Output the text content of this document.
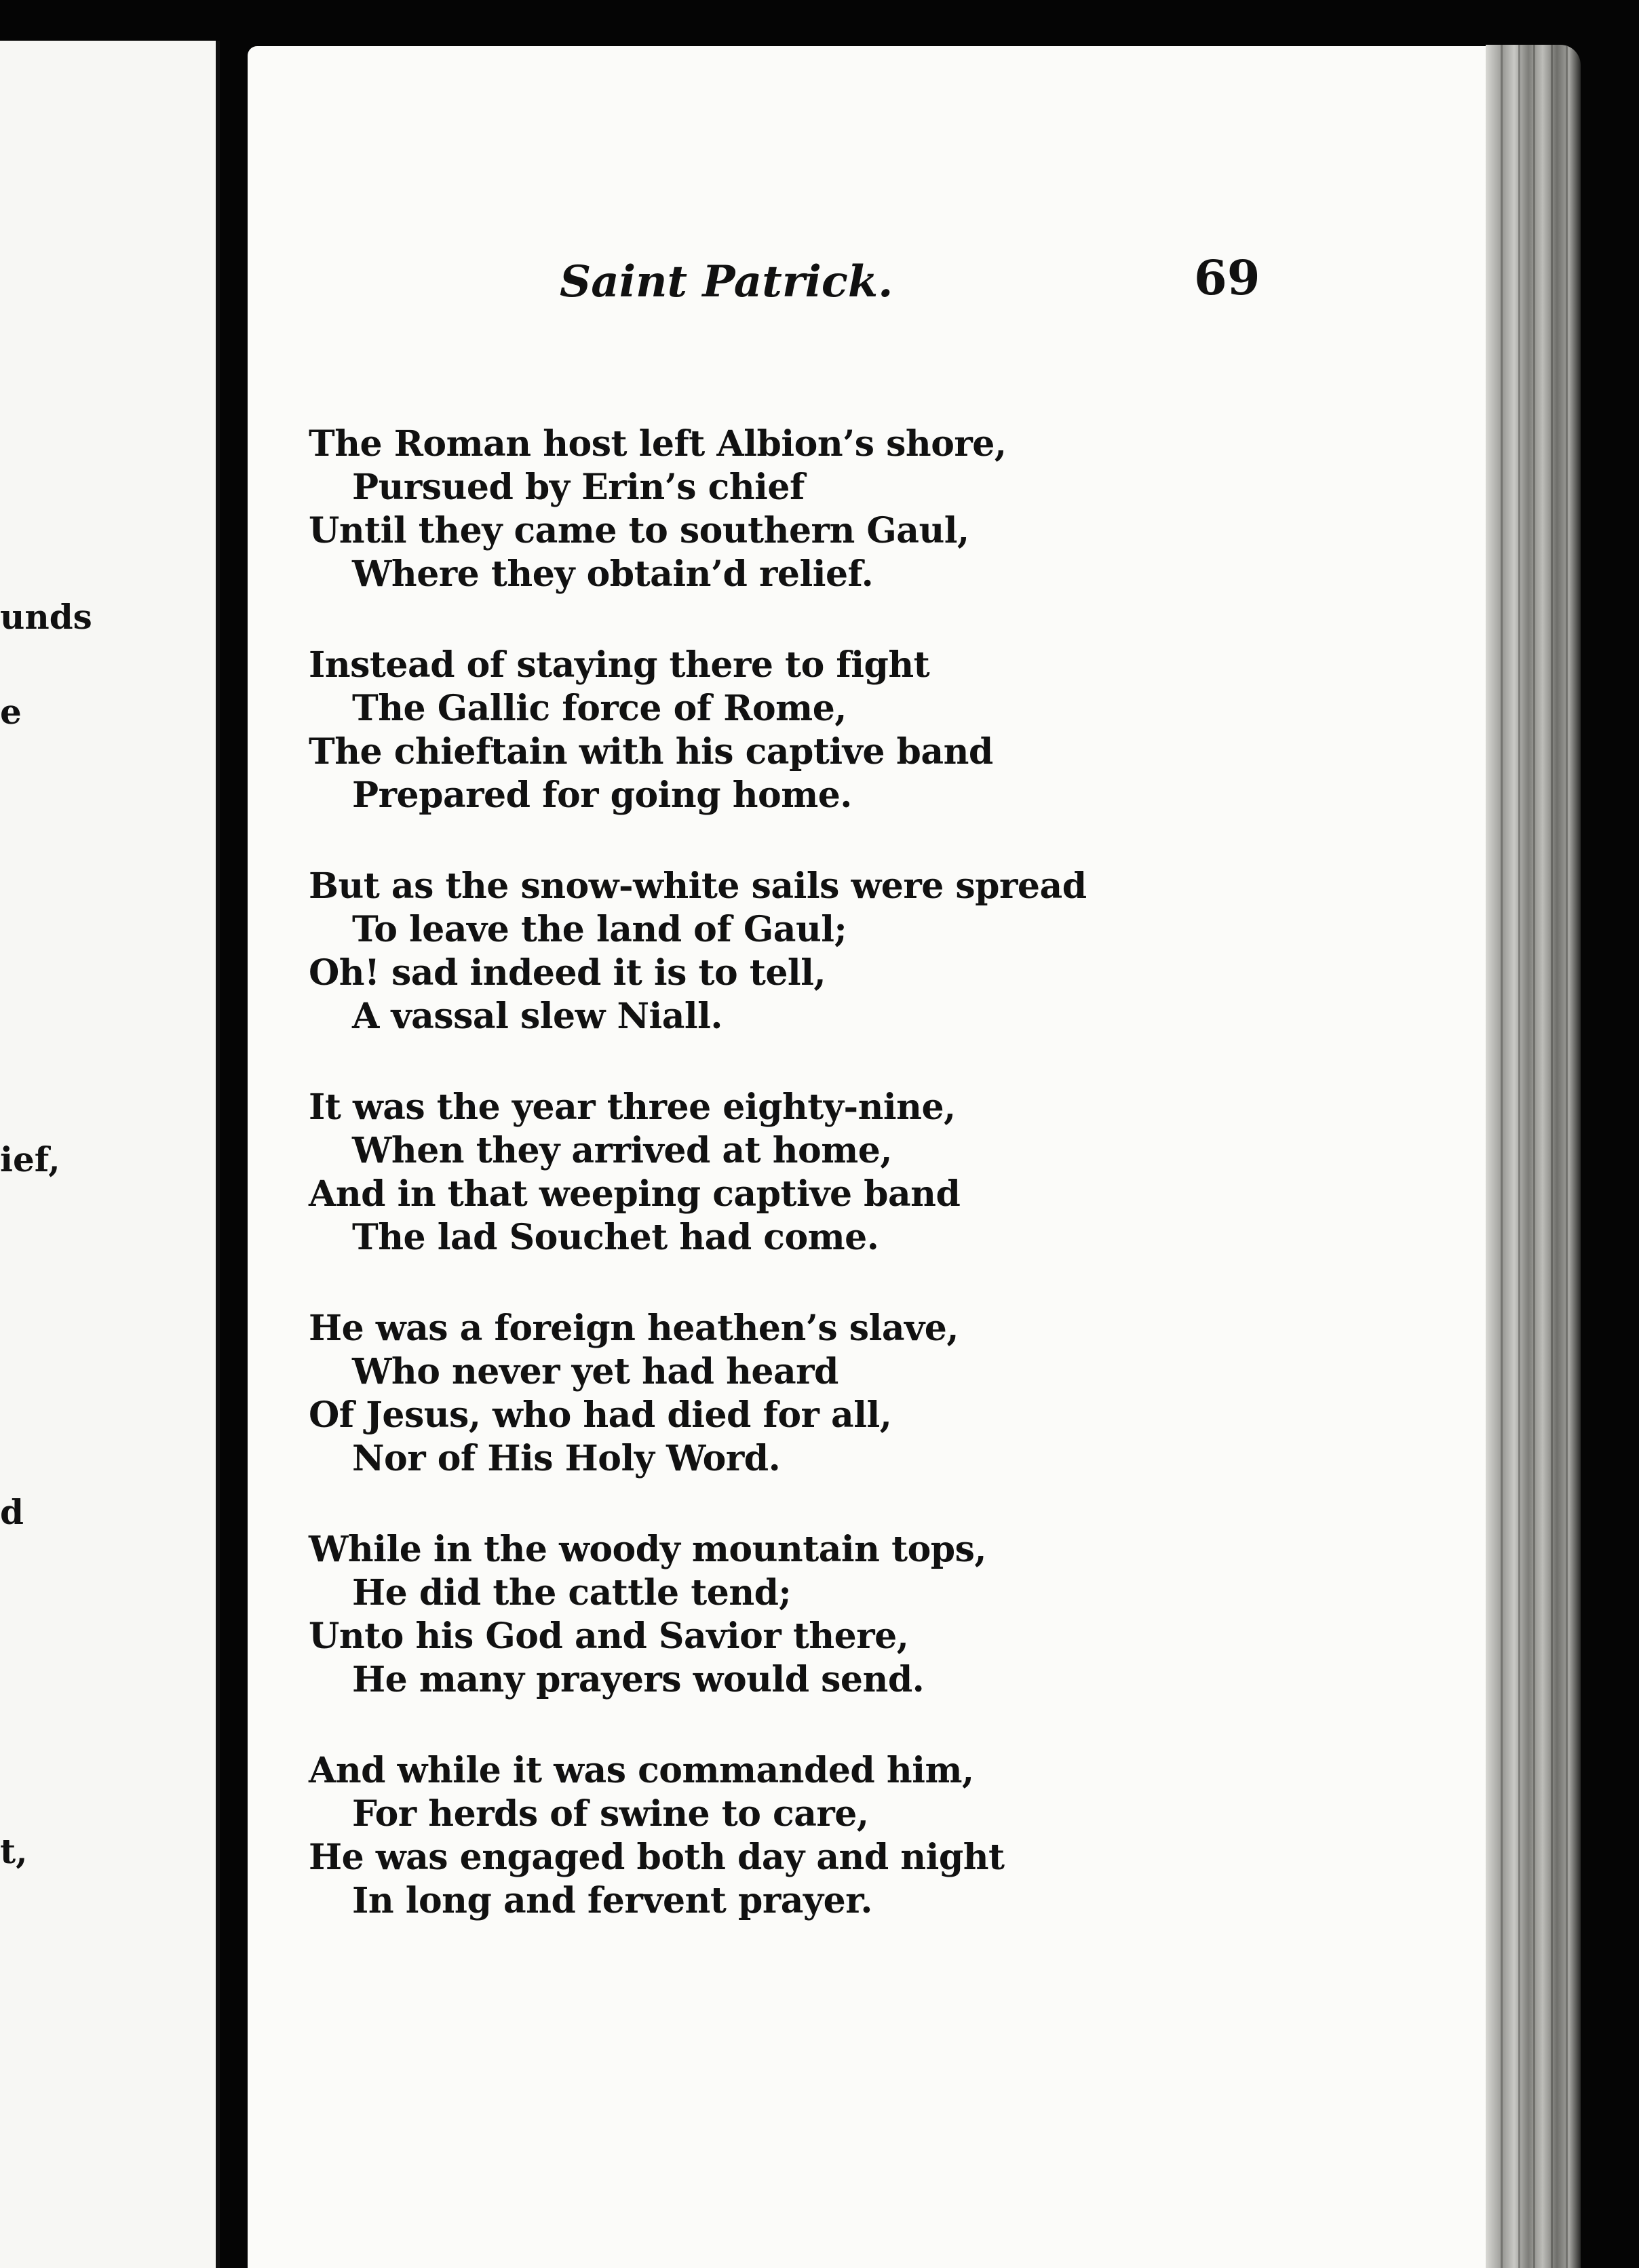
unds
e
ief,
d
t,
Saint Patrick.	69
The Roman host left Albion’s shore,
Pursued by Erin’s chief
Until they came to southern Gaul,
Where they obtain’d relief.
Instead of staying there to fight
The Gallic force of Rome,
The chieftain with his captive band
Prepared for going home.
But as the snow-white sails were spread
To leave the land of Gaul;
Oh! sad indeed it is to tell,
A vassal slew Niall.
It was the year three eighty-nine,
When they arrived at home,
And in that weeping captive band
The lad Souchet had come.
He was a foreign heathen’s slave,
Who never yet had heard
Of Jesus, who had died for all,
Nor of His Holy Word.
While in the woody mountain tops,
He did the cattle tend;
Unto his God and Savior there,
He many prayers would send.
And while it was commanded him,
For herds of swine to care,
He was engaged both day and night
In long and fervent prayer.
